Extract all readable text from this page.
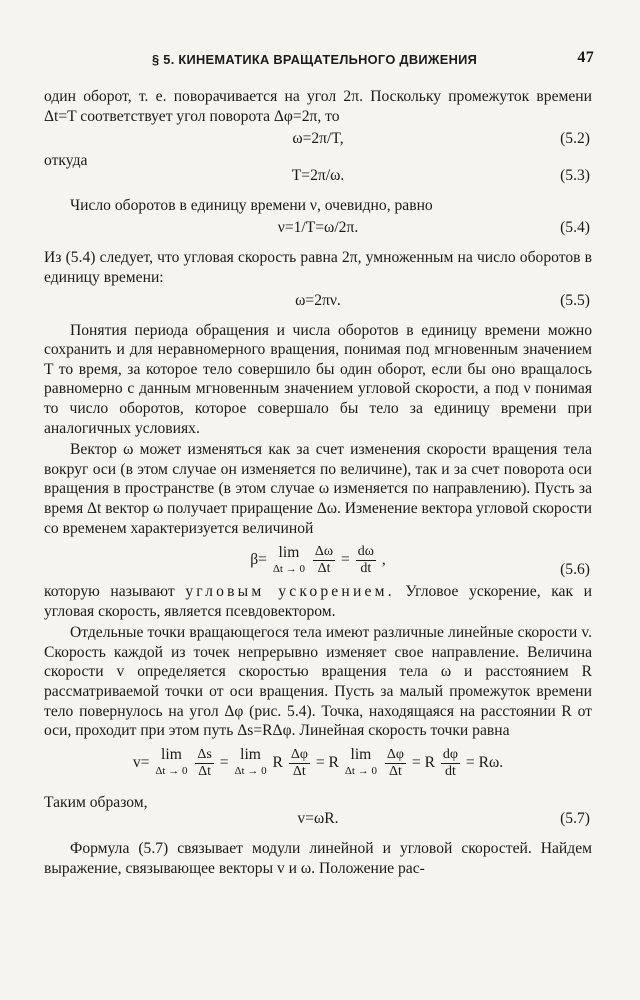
§ 5. КИНЕМАТИКА ВРАЩАТЕЛЬНОГО ДВИЖЕНИЯ	47

один оборот, т. е. поворачивается на угол 2π. Поскольку промежуток времени Δt=T соответствует угол поворота Δφ=2π, то

ω=2π/T,	(5.2)

откуда

T=2π/ω.	(5.3)

Число оборотов в единицу времени ν, очевидно, равно

ν=1/T=ω/2π.	(5.4)

Из (5.4) следует, что угловая скорость равна 2π, умноженным на число оборотов в единицу времени:

ω=2πν.	(5.5)

Понятия периода обращения и числа оборотов в единицу времени можно сохранить и для неравномерного вращения, понимая под мгновенным значением T то время, за которое тело совершило бы один оборот, если бы оно вращалось равномерно с данным мгновенным значением угловой скорости, а под ν понимая то число оборотов, которое совершало бы тело за единицу времени при аналогичных условиях.

Вектор ω может изменяться как за счет изменения скорости вращения тела вокруг оси (в этом случае он изменяется по величине), так и за счет поворота оси вращения в пространстве (в этом случае ω изменяется по направлению). Пусть за время Δt вектор ω получает приращение Δω. Изменение вектора угловой скорости со временем характеризуется величиной

β= lim
Δt → 0
$\frac{\Delta\omega}{\Delta t} = \frac{d\omega}{dt}$ ,
(5.6)

которую называют угловым ускорением. Угловое ускорение, как и угловая скорость, является псевдовектором.

Отдельные точки вращающегося тела имеют различные линейные скорости v. Скорость каждой из точек непрерывно изменяет свое направление. Величина скорости v определяется скоростью вращения тела ω и расстоянием R рассматриваемой точки от оси вращения. Пусть за малый промежуток времени тело повернулось на угол Δφ (рис. 5.4). Точка, находящаяся на расстоянии R от оси, проходит при этом путь Δs=RΔφ. Линейная скорость точки равна

v= lim
Δt → 0
$\frac{\Delta s}{\Delta t} = \lim$
Δt → 0
R $\frac{\Delta\varphi}{\Delta t} = R$ lim
Δt → 0
$\frac{\Delta\varphi}{\Delta t} = R \frac{d\varphi}{dt} = R\omega$.

Таким образом,

v=ωR.	(5.7)

Формула (5.7) связывает модули линейной и угловой скоростей. Найдем выражение, связывающее векторы v и ω. Положение рас-
